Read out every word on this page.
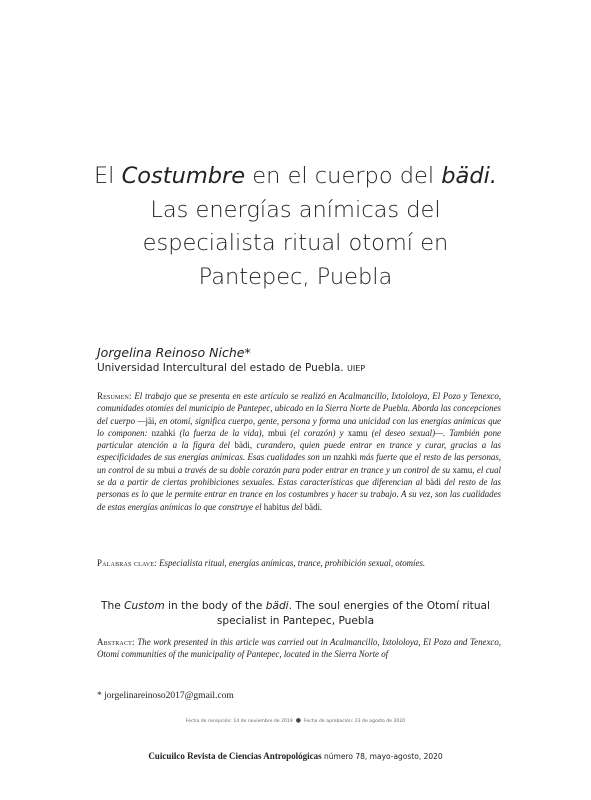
El Costumbre en el cuerpo del bädi.
Las energías anímicas del
especialista ritual otomí en
Pantepec, Puebla
Jorgelina Reinoso Niche*
Universidad Intercultural del estado de Puebla. UIEP
Resumen: El trabajo que se presenta en este artículo se realizó en Acalmancillo, Ixtololoya, El Pozo y Tenexco, comunidades otomíes del municipio de Pantepec, ubicado en la Sierra Norte de Puebla. Aborda las concepciones del cuerpo —jäi, en otomí, significa cuerpo, gente, persona y forma una unicidad con las energías anímicas que lo componen: nzahki (la fuerza de la vida), mbui (el corazón) y xamu (el deseo sexual)—. También pone particular atención a la figura del bädi, curandero, quien puede entrar en trance y curar, gracias a las especificidades de sus energías anímicas. Esas cualidades son un nzahki más fuerte que el resto de las personas, un control de su mbui a través de su doble corazón para poder entrar en trance y un control de su xamu, el cual se da a partir de ciertas prohibiciones sexuales. Estas características que diferencian al bädi del resto de las personas es lo que le permite entrar en trance en los costumbres y hacer su trabajo. A su vez, son las cualidades de estas energías anímicas lo que construye el habitus del bädi.
Palabras clave: Especialista ritual, energías anímicas, trance, prohibición sexual, otomíes.
The Custom in the body of the bädi. The soul energies of the Otomí ritual
specialist in Pantepec, Puebla
Abstract: The work presented in this article was carried out in Acalmancillo, Ixtololoya, El Pozo and Tenexco, Otomí communities of the municipality of Pantepec, located in the Sierra Norte of
* jorgelinareinoso2017@gmail.com
Fecha de recepción: 14 de noviembre de 2019 ● Fecha de aprobación: 23 de agosto de 2020
Cuicuilco Revista de Ciencias Antropológicas número 78, mayo-agosto, 2020
